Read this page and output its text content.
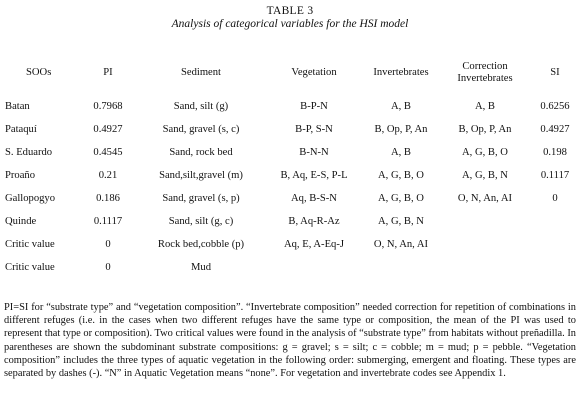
TABLE 3
Analysis of categorical variables for the HSI model
SOOs	PI	Sediment	Vegetation	Invertebrates	Correction Invertebrates	SI
Batan	0.7968	Sand, silt (g)	B-P-N	A, B	A, B	0.6256
Pataquí	0.4927	Sand, gravel (s, c)	B-P, S-N	B, Op, P, An	B, Op, P, An	0.4927
S. Eduardo	0.4545	Sand, rock bed	B-N-N	A, B	A, G, B, O	0.198
Proaño	0.21	Sand,silt,gravel (m)	B, Aq, E-S, P-L	A, G, B, O	A, G, B, N	0.1117
Gallopogyo	0.186	Sand, gravel (s, p)	Aq, B-S-N	A, G, B, O	O, N, An, AI	0
Quinde	0.1117	Sand, silt (g, c)	B, Aq-R-Az	A, G, B, N		
Critic value	0	Rock bed,cobble (p)	Aq, E, A-Eq-J	O, N, An, AI		
Critic value	0	Mud				
PI=SI for “substrate type” and “vegetation composition”. “Invertebrate composition” needed correction for repetition of combinations in different refuges (i.e. in the cases when two different refuges have the same type or composition, the mean of the PI was used to represent that type or composition). Two critical values were found in the analysis of “substrate type” from habitats without preñadilla. In parentheses are shown the subdominant substrate compositions: g = gravel; s = silt; c = cobble; m = mud; p = pebble. “Vegetation composition” includes the three types of aquatic vegetation in the following order: submerging, emergent and floating. These types are separated by dashes (-). “N” in Aquatic Vegetation means “none”. For vegetation and invertebrate codes see Appendix 1.
